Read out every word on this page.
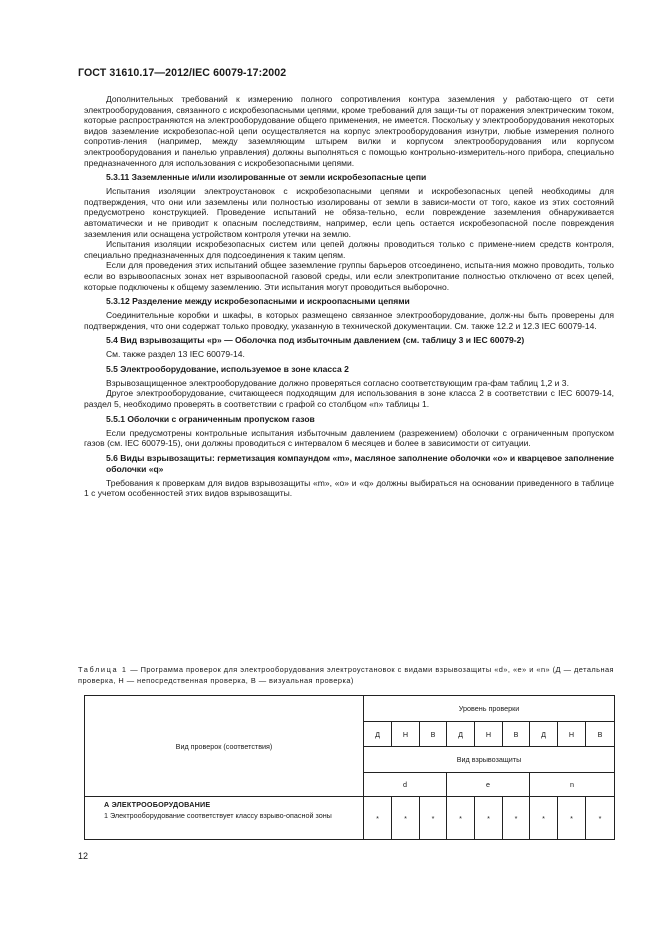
ГОСТ 31610.17—2012/IEC 60079-17:2002

Дополнительных требований к измерению полного сопротивления контура заземления у работаю-щего от сети электрооборудования, связанного с искробезопасными цепями, кроме требований для защи-ты от поражения электрическим током, которые распространяются на электрооборудование общего применения, не имеется. Поскольку у электрооборудования некоторых видов заземление искробезопас-ной цепи осуществляется на корпус электрооборудования изнутри, любые измерения полного сопротив-ления (например, между заземляющим штырем вилки и корпусом электрооборудования или корпусом электрооборудования и панелью управления) должны выполняться с помощью контрольно-измеритель-ного прибора, специально предназначенного для использования с искробезопасными цепями.

5.3.11 Заземленные и/или изолированные от земли искробезопасные цепи

Испытания изоляции электроустановок с искробезопасными цепями и искробезопасных цепей необходимы для подтверждения, что они или заземлены или полностью изолированы от земли в зависи-мости от того, какое из этих состояний предусмотрено конструкцией. Проведение испытаний не обяза-тельно, если повреждение заземления обнаруживается автоматически и не приводит к опасным последствиям, например, если цепь остается искробезопасной после повреждения заземления или оснащена устройством контроля утечки на землю.

Испытания изоляции искробезопасных систем или цепей должны проводиться только с примене-нием средств контроля, специально предназначенных для подсоединения к таким цепям.

Если для проведения этих испытаний общее заземление группы барьеров отсоединено, испыта-ния можно проводить, только если во взрывоопасных зонах нет взрывоопасной газовой среды, или если электропитание полностью отключено от всех цепей, которые подключены к общему заземлению. Эти испытания могут проводиться выборочно.

5.3.12 Разделение между искробезопасными и искроопасными цепями

Соединительные коробки и шкафы, в которых размещено связанное электрооборудование, долж-ны быть проверены для подтверждения, что они содержат только проводку, указанную в технической документации. См. также 12.2 и 12.3 IEC 60079-14.

5.4 Вид взрывозащиты «р» — Оболочка под избыточным давлением (см. таблицу 3 и IEC 60079-2)

См. также раздел 13 IEC 60079-14.

5.5 Электрооборудование, используемое в зоне класса 2

Взрывозащищенное электрооборудование должно проверяться согласно соответствующим гра-фам таблиц 1,2 и 3.

Другое электрооборудование, считающееся подходящим для использования в зоне класса 2 в соответствии с IEC 60079-14, раздел 5, необходимо проверять в соответствии с графой со столбцом «n» таблицы 1.

5.5.1 Оболочки с ограниченным пропуском газов

Если предусмотрены контрольные испытания избыточным давлением (разрежением) оболочки с ограниченным пропуском газов (см. IEC 60079-15), они должны проводиться с интервалом 6 месяцев и более в зависимости от ситуации.

5.6 Виды взрывозащиты: герметизация компаундом «m», масляное заполнение оболочки «о» и кварцевое заполнение оболочки «q»

Требования к проверкам для видов взрывозащиты «m», «о» и «q» должны выбираться на основании приведенного в таблице 1 с учетом особенностей этих видов взрывозащиты.

Таблица 1 — Программа проверок для электрооборудования электроустановок с видами взрывозащиты «d», «e» и «n» (Д — детальная проверка, Н — непосредственная проверка, В — визуальная проверка)
Вид проверок (соответствия)	Уровень проверки								
	Д	Н	В	Д	Н	В	Д	Н	В
	Вид взрывозащиты								
	d			e			n		

А ЭЛЕКТРООБОРУДОВАНИЕ
1 Электрооборудование соответствует классу взрыво-опасной зоны	*	*	*	*	*	*	*	*	*
12
